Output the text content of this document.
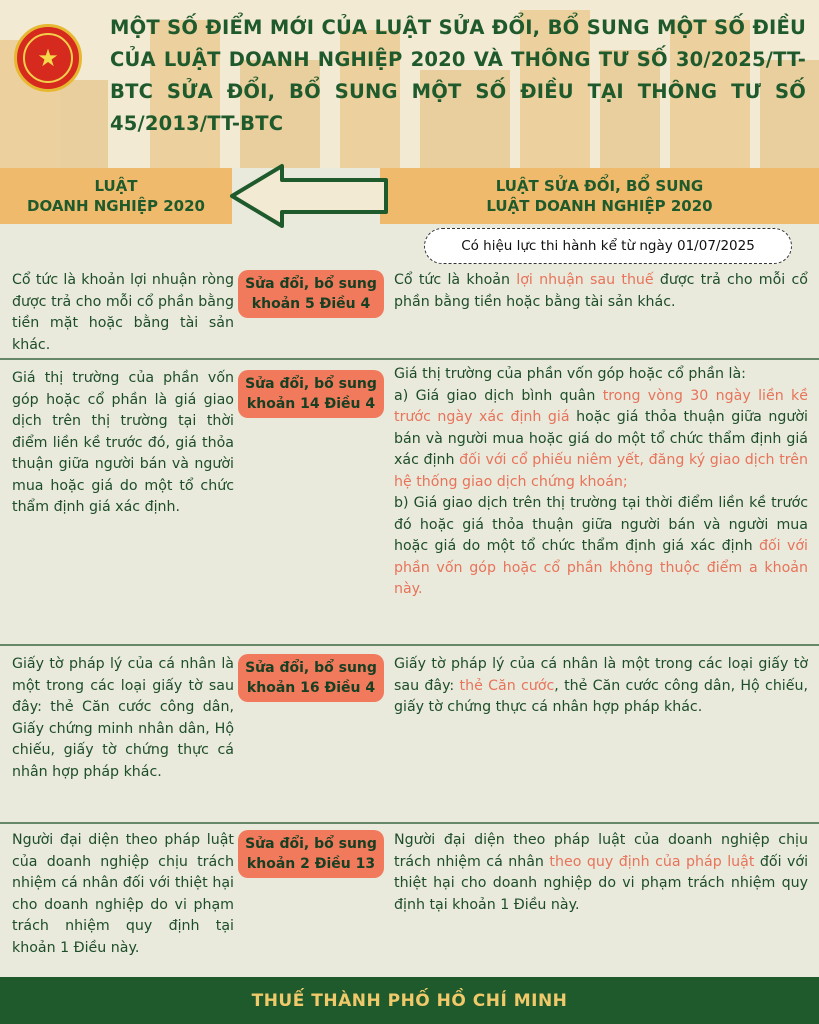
★
MỘT SỐ ĐIỂM MỚI CỦA LUẬT SỬA ĐỔI, BỔ SUNG MỘT SỐ ĐIỀU CỦA LUẬT DOANH NGHIỆP 2020 VÀ THÔNG TƯ SỐ 30/2025/TT-BTC SỬA ĐỔI, BỔ SUNG MỘT SỐ ĐIỀU TẠI THÔNG TƯ SỐ 45/2013/TT-BTC
LUẬT
DOANH NGHIỆP 2020
LUẬT SỬA ĐỔI, BỔ SUNG
LUẬT DOANH NGHIỆP 2020
Có hiệu lực thi hành kể từ ngày 01/07/2025
Cổ tức là khoản lợi nhuận ròng được trả cho mỗi cổ phần bằng tiền mặt hoặc bằng tài sản khác.
Sửa đổi, bổ sung
khoản 5 Điều 4
Cổ tức là khoản lợi nhuận sau thuế được trả cho mỗi cổ phần bằng tiền hoặc bằng tài sản khác.
Giá thị trường của phần vốn góp hoặc cổ phần là giá giao dịch trên thị trường tại thời điểm liền kề trước đó, giá thỏa thuận giữa người bán và người mua hoặc giá do một tổ chức thẩm định giá xác định.
Sửa đổi, bổ sung
khoản 14 Điều 4
Giá thị trường của phần vốn góp hoặc cổ phần là:
a) Giá giao dịch bình quân trong vòng 30 ngày liền kề trước ngày xác định giá hoặc giá thỏa thuận giữa người bán và người mua hoặc giá do một tổ chức thẩm định giá xác định đối với cổ phiếu niêm yết, đăng ký giao dịch trên hệ thống giao dịch chứng khoán;
b) Giá giao dịch trên thị trường tại thời điểm liền kề trước đó hoặc giá thỏa thuận giữa người bán và người mua hoặc giá do một tổ chức thẩm định giá xác định đối với phần vốn góp hoặc cổ phần không thuộc điểm a khoản này.
Giấy tờ pháp lý của cá nhân là một trong các loại giấy tờ sau đây: thẻ Căn cước công dân, Giấy chứng minh nhân dân, Hộ chiếu, giấy tờ chứng thực cá nhân hợp pháp khác.
Sửa đổi, bổ sung
khoản 16 Điều 4
Giấy tờ pháp lý của cá nhân là một trong các loại giấy tờ sau đây: thẻ Căn cước, thẻ Căn cước công dân, Hộ chiếu, giấy tờ chứng thực cá nhân hợp pháp khác.
Người đại diện theo pháp luật của doanh nghiệp chịu trách nhiệm cá nhân đối với thiệt hại cho doanh nghiệp do vi phạm trách nhiệm quy định tại khoản 1 Điều này.
Sửa đổi, bổ sung
khoản 2 Điều 13
Người đại diện theo pháp luật của doanh nghiệp chịu trách nhiệm cá nhân theo quy định của pháp luật đối với thiệt hại cho doanh nghiệp do vi phạm trách nhiệm quy định tại khoản 1 Điều này.
THUẾ THÀNH PHỐ HỒ CHÍ MINH
